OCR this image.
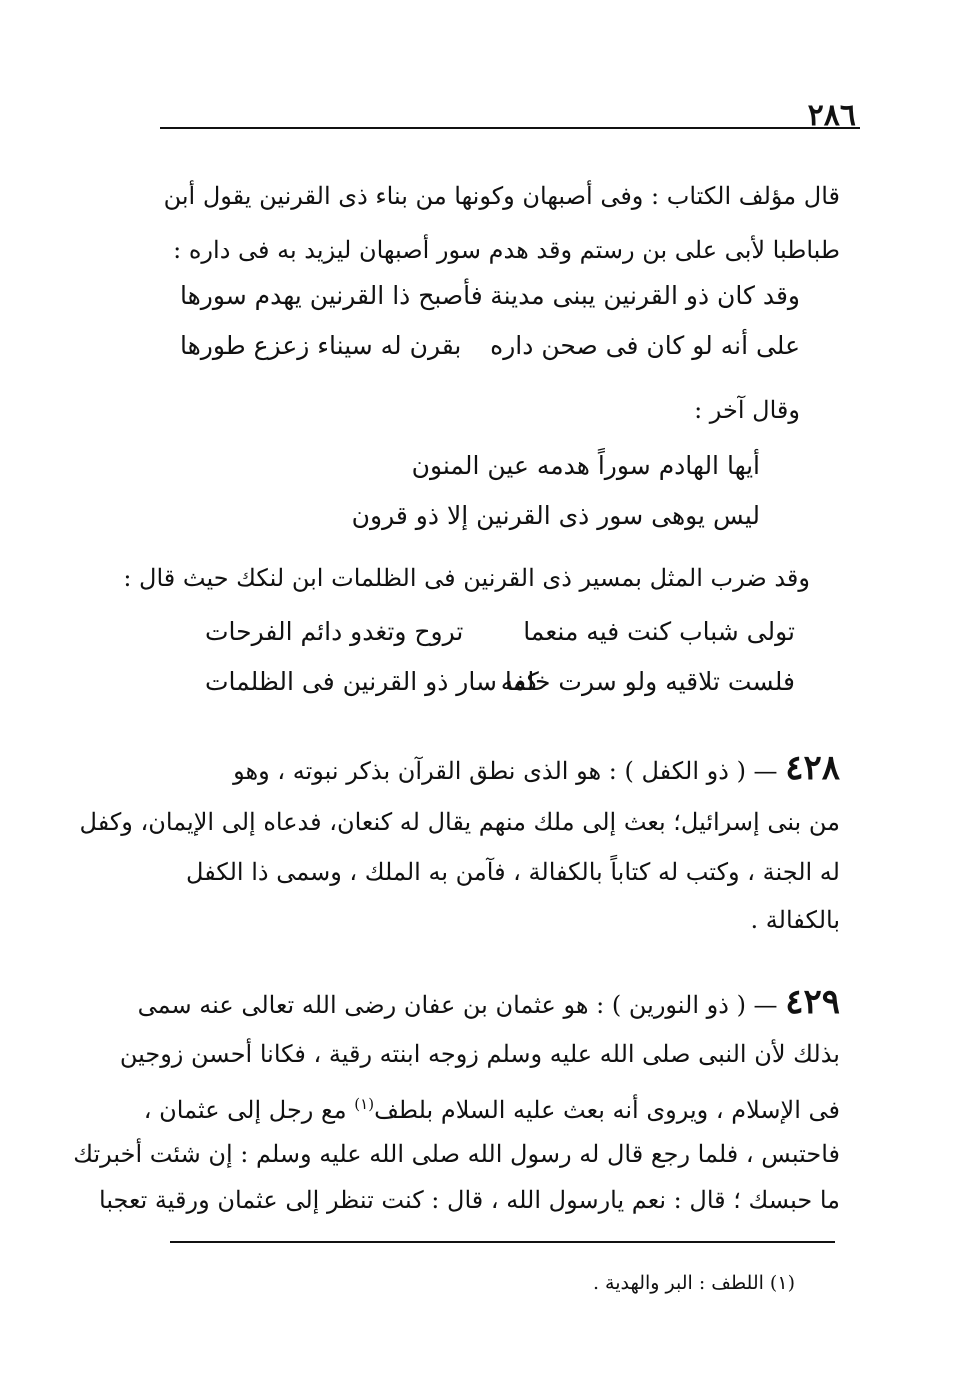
٢٨٦
قال مؤلف الكتاب : وفى أصبهان وكونها من بناء ذى القرنين يقول أبن
طباطبا لأبى على بن رستم وقد هدم سور أصبهان ليزيد به فى داره :
وقد كان ذو القرنين يبنى مدينة
فأصبح ذا القرنين يهدم سورها
على أنه لو كان فى صحن داره
بقرن له سيناء زعزع طورها
وقال آخر :
أيها الهادم سوراً هدمه عين المنون
ليس يوهى سور ذى القرنين إلا ذو قرون
وقد ضرب المثل بمسير ذى القرنين فى الظلمات ابن لنكك حيث قال :
تولى شباب كنت فيه منعما
تروح وتغدو دائم الفرحات
فلست تلاقيه ولو سرت خلفه
كما سار ذو القرنين فى الظلمات
٤٢٨ — ( ذو الكفل ) : هو الذى نطق القرآن بذكر نبوته ، وهو
من بنى إسرائيل؛ بعث إلى ملك منهم يقال له كنعان، فدعاه إلى الإيمان، وكفل
له الجنة ، وكتب له كتاباً بالكفالة ، فآمن به الملك ، وسمى ذا الكفل
بالكفالة .
٤٢٩ — ( ذو النورين ) : هو عثمان بن عفان رضى الله تعالى عنه سمى
بذلك لأن النبى صلى الله عليه وسلم زوجه ابنته رقية ، فكانا أحسن زوجين
فى الإسلام ، ويروى أنه بعث عليه السلام بلطف$^{(١)}$ مع رجل إلى عثمان ،
فاحتبس ، فلما رجع قال له رسول الله صلى الله عليه وسلم : إن شئت أخبرتك
ما حبسك ؛ قال : نعم يارسول الله ، قال : كنت تنظر إلى عثمان ورقية تعجبا
(١) اللطف : البر والهدية .
